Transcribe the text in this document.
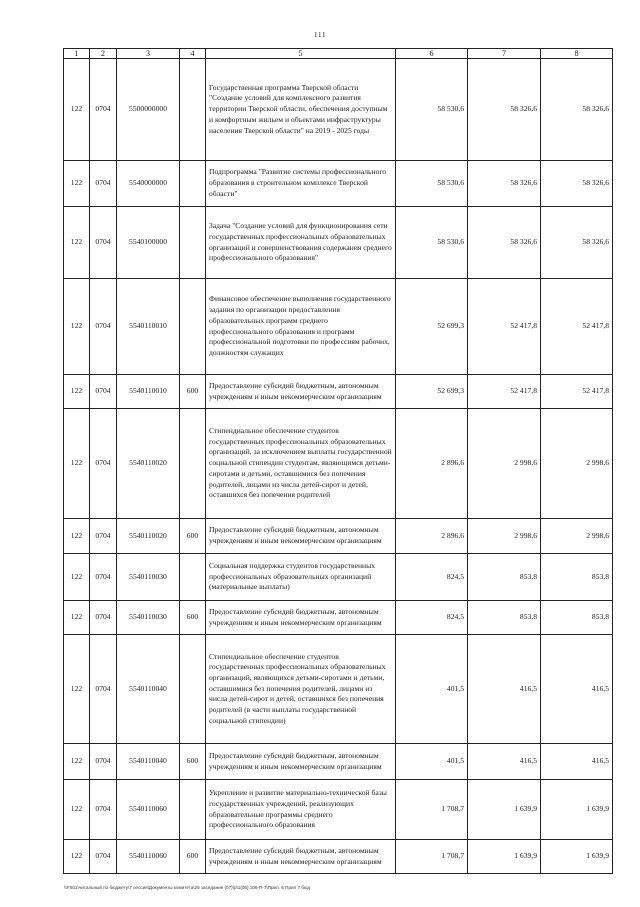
111
1	2	3	4	5	6	7	8
122	0704	5500000000		Государственная программа Тверской области "Создание условий для комплексного развития территории Тверской области, обеспечения доступным и комфортным жильем и объектами инфраструктуры населения Тверской области" на 2019 - 2025 годы	58 530,6	58 326,6	58 326,6
122	0704	5540000000		Подпрограмма "Развитие системы профессионального образования в строительном комплексе Тверской области"	58 530,6	58 326,6	58 326,6
122	0704	5540100000		Задача "Создание условий для функционирования сети государственных профессиональных образовательных организаций и совершенствования содержания среднего профессионального образования"	58 530,6	58 326,6	58 326,6
122	0704	5540110010		Финансовое обеспечение выполнения государственного задания по организации предоставления образовательных программ среднего профессионального образования и программ профессиональной подготовки по профессиям рабочих, должностям служащих	52 699,3	52 417,8	52 417,8
122	0704	5540110010	600	Предоставление субсидий бюджетным, автономным учреждениям и иным некоммерческим организациям	52 699,3	52 417,8	52 417,8
122	0704	5540110020		Стипендиальное обеспечение студентов государственных профессиональных образовательных организаций, за исключением выплаты государственной социальной стипендии студентам, являющимся детьми-сиротами и детьми, оставшимися без попечения родителей, лицами из числа детей-сирот и детей, оставшихся без попечения родителей	2 896,6	2 998,6	2 998,6
122	0704	5540110020	600	Предоставление субсидий бюджетным, автономным учреждениям и иным некоммерческим организациям	2 896,6	2 998,6	2 998,6
122	0704	5540110030		Социальная поддержка студентов государственных профессиональных образовательных организаций (материальные выплаты)	824,5	853,8	853,8
122	0704	5540110030	600	Предоставление субсидий бюджетным, автономным учреждениям и иным некоммерческим организациям	824,5	853,8	853,8
122	0704	5540110040		Стипендиальное обеспечение студентов государственных профессиональных образовательных организаций, являющихся детьми-сиротами и детьми, оставшимися без попечения родителей, лицами из числа детей-сирот и детей, оставшихся без попечения родителей (в части выплаты государственной социальной стипендии)	401,5	416,5	416,5
122	0704	5540110040	600	Предоставление субсидий бюджетным, автономным учреждениям и иным некоммерческим организациям	401,5	416,5	416,5
122	0704	5540110060		Укрепление и развитие материально-технической базы государственных учреждений, реализующих образовательные программы среднего профессионального образования	1 708,7	1 639,9	1 639,9
122	0704	5540110060	600	Предоставление субсидий бюджетным, автономным учреждениям и иным некоммерческим организациям	1 708,7	1 639,9	1 639,9
\\FS01\читальный по бюджету\7 сессия\Документы комитета\28 заседание (07)\р\1(06) 106-П-7\Прил. 6 Прил 7 бюд
